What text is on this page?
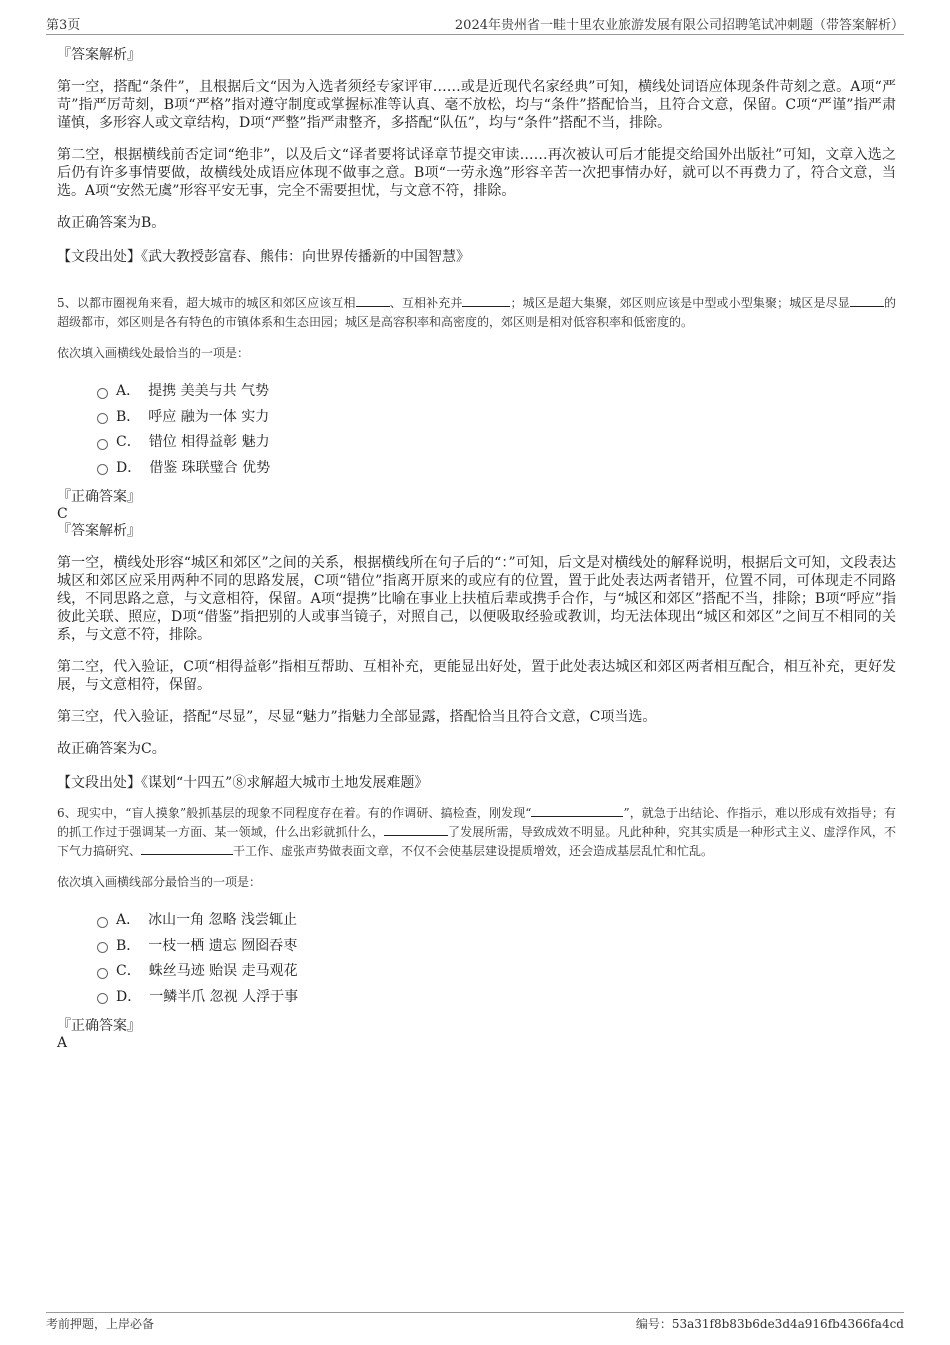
第3页	2024年贵州省一畦十里农业旅游发展有限公司招聘笔试冲刺题（带答案解析）
『答案解析』

第一空，搭配“条件”，且根据后文“因为入选者须经专家评审……或是近现代名家经典”可知，横线处词语应体现条件苛刻之意。A项“严苛”指严厉苛刻，B项“严格”指对遵守制度或掌握标准等认真、毫不放松，均与“条件”搭配恰当，且符合文意，保留。C项“严谨”指严肃谨慎，多形容人或文章结构，D项“严整”指严肃整齐，多搭配“队伍”，均与“条件”搭配不当，排除。

第二空，根据横线前否定词“绝非”，以及后文“译者要将试译章节提交审读……再次被认可后才能提交给国外出版社”可知，文章入选之后仍有许多事情要做，故横线处成语应体现不做事之意。B项“一劳永逸”形容辛苦一次把事情办好，就可以不再费力了，符合文意，当选。A项“安然无虞”形容平安无事，完全不需要担忧，与文意不符，排除。

故正确答案为B。

【文段出处】《武大教授彭富春、熊伟：向世界传播新的中国智慧》

5、以都市圈视角来看，超大城市的城区和郊区应该互相	、互相补充并	；城区是超大集聚，郊区则应该是中型或小型集聚；城区是尽显	的超级都市，郊区则是各有特色的市镇体系和生态田园；城区是高容积率和高密度的，郊区则是相对低容积率和低密度的。

依次填入画横线处最恰当的一项是：
A． 提携 美美与共 气势
B． 呼应 融为一体 实力
C． 错位 相得益彰 魅力
D． 借鉴 珠联璧合 优势
『正确答案』
C
『答案解析』

第一空，横线处形容“城区和郊区”之间的关系，根据横线所在句子后的“：”可知，后文是对横线处的解释说明，根据后文可知，文段表达城区和郊区应采用两种不同的思路发展，C项“错位”指离开原来的或应有的位置，置于此处表达两者错开，位置不同，可体现走不同路线，不同思路之意，与文意相符，保留。A项“提携”比喻在事业上扶植后辈或携手合作，与“城区和郊区”搭配不当，排除；B项“呼应”指彼此关联、照应，D项“借鉴”指把别的人或事当镜子，对照自己，以便吸取经验或教训，均无法体现出“城区和郊区”之间互不相同的关系，与文意不符，排除。

第二空，代入验证，C项“相得益彰”指相互帮助、互相补充，更能显出好处，置于此处表达城区和郊区两者相互配合，相互补充，更好发展，与文意相符，保留。

第三空，代入验证，搭配“尽显”，尽显“魅力”指魅力全部显露，搭配恰当且符合文意，C项当选。

故正确答案为C。

【文段出处】《谋划“十四五”⑧求解超大城市土地发展难题》

6、现实中，“盲人摸象”般抓基层的现象不同程度存在着。有的作调研、搞检查，刚发现“	”，就急于出结论、作指示，难以形成有效指导；有的抓工作过于强调某一方面、某一领域，什么出彩就抓什么，	了发展所需，导致成效不明显。凡此种种，究其实质是一种形式主义、虚浮作风，不下气力搞研究、	干工作、虚张声势做表面文章，不仅不会使基层建设提质增效，还会造成基层乱忙和忙乱。

依次填入画横线部分最恰当的一项是：
A． 冰山一角 忽略 浅尝辄止
B． 一枝一栖 遗忘 囫囵吞枣
C． 蛛丝马迹 贻误 走马观花
D． 一鳞半爪 忽视 人浮于事
『正确答案』
A
考前押题，上岸必备	编号：53a31f8b83b6de3d4a916fb4366fa4cd
